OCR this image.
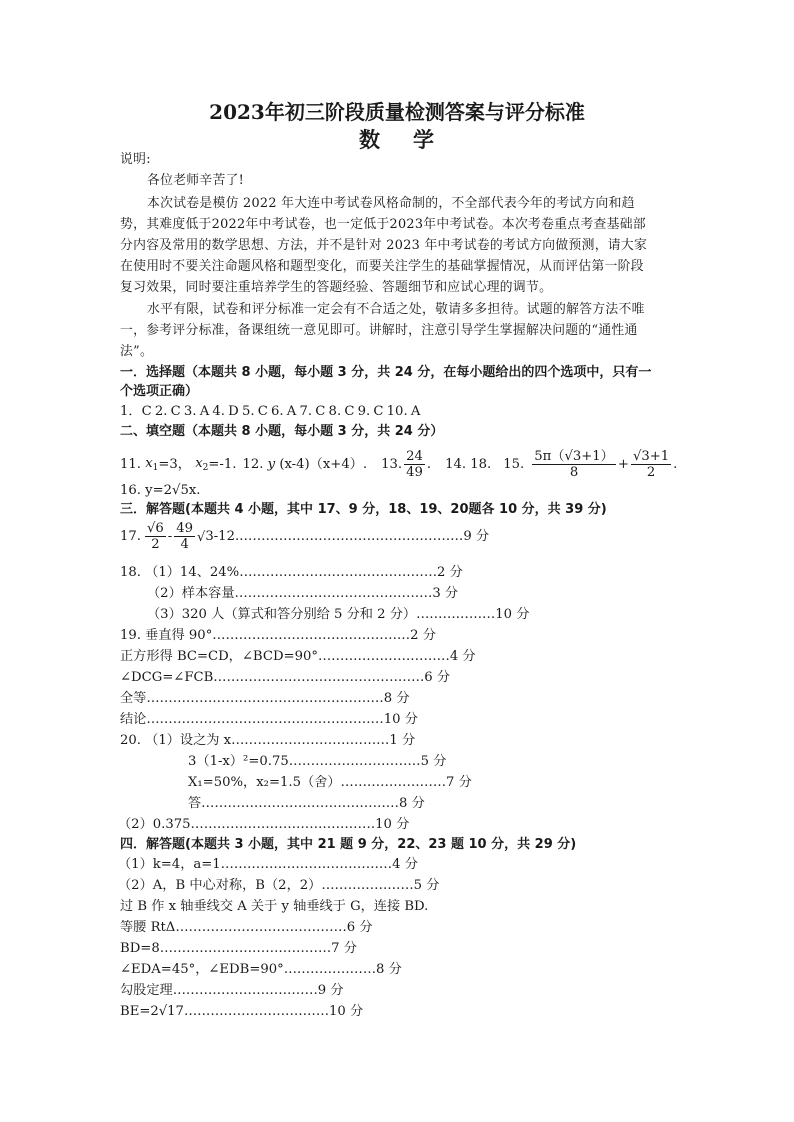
2023年初三阶段质量检测答案与评分标准
数 学
说明:
各位老师辛苦了!
本次试卷是模仿 2022 年大连中考试卷风格命制的，不全部代表今年的考试方向和趋
势，其难度低于2022年中考试卷，也一定低于2023年中考试卷。本次考卷重点考查基础部
分内容及常用的数学思想、方法，并不是针对 2023 年中考试卷的考试方向做预测，请大家
在使用时不要关注命题风格和题型变化，而要关注学生的基础掌握情况，从而评估第一阶段
复习效果，同时要注重培养学生的答题经验、答题细节和应试心理的调节。
水平有限，试卷和评分标准一定会有不合适之处，敬请多多担待。试题的解答方法不唯
一，参考评分标准，备课组统一意见即可。讲解时，注意引导学生掌握解决问题的“通性通
法”。
一．选择题（本题共 8 小题，每小题 3 分，共 24 分，在每小题给出的四个选项中，只有一
个选项正确）
1．C 2. C 3. A 4. D 5. C 6. A 7. C 8. C 9. C 10. A
二、填空题（本题共 8 小题，每小题 3 分，共 24 分）
11. $x_1 =3$， $x_2 =-1$. 12. y (x-4)（x+4）. 13. $\frac{24}{49}$ . 14. 18. 15. $\frac{5\pi(√3+1)}{8} + \frac{√3+1}{2}$ .
16. y=2√5x.
三．解答题(本题共 4 小题，其中 17、9 分，18、19、20题各 10 分，共 39 分)
17. $\frac{√6}{2} - \frac{49}{4}$ √ 3-12. ……………………………………………9 分
18. （1）14、24%………………………………………2 分
（2）样本容量………………………………………3 分
（3）320 人（算式和答分别给 5 分和 2 分）………………10 分
19. 垂直得 90°………………………………………2 分
正方形得 BC=CD，∠BCD=90°…………………………4 分
∠DCG=∠FCB…………………………………………6 分
全等………………………………………………8 分
结论………………………………………………10 分
20. （1）设之为 x………………………………1 分
3（1-x）²=0.75…………………………5 分
X₁=50%，x₂=1.5（舍）……………………7 分
答………………………………………8 分
（2）0.375……………………………………10 分
四．解答题(本题共 3 小题，其中 21 题 9 分，22、23 题 10 分，共 29 分)
（1）k=4，a=1…………………………………4 分
（2）A，B 中心对称，B（2，2）…………………5 分
过 B 作 x 轴垂线交 A 关于 y 轴垂线于 G，连接 BD.
等腰 RtΔ…………………………………6 分
BD=8…………………………………7 分
∠EDA=45°，∠EDB=90°…………………8 分
勾股定理……………………………9 分
BE=2√17……………………………10 分
